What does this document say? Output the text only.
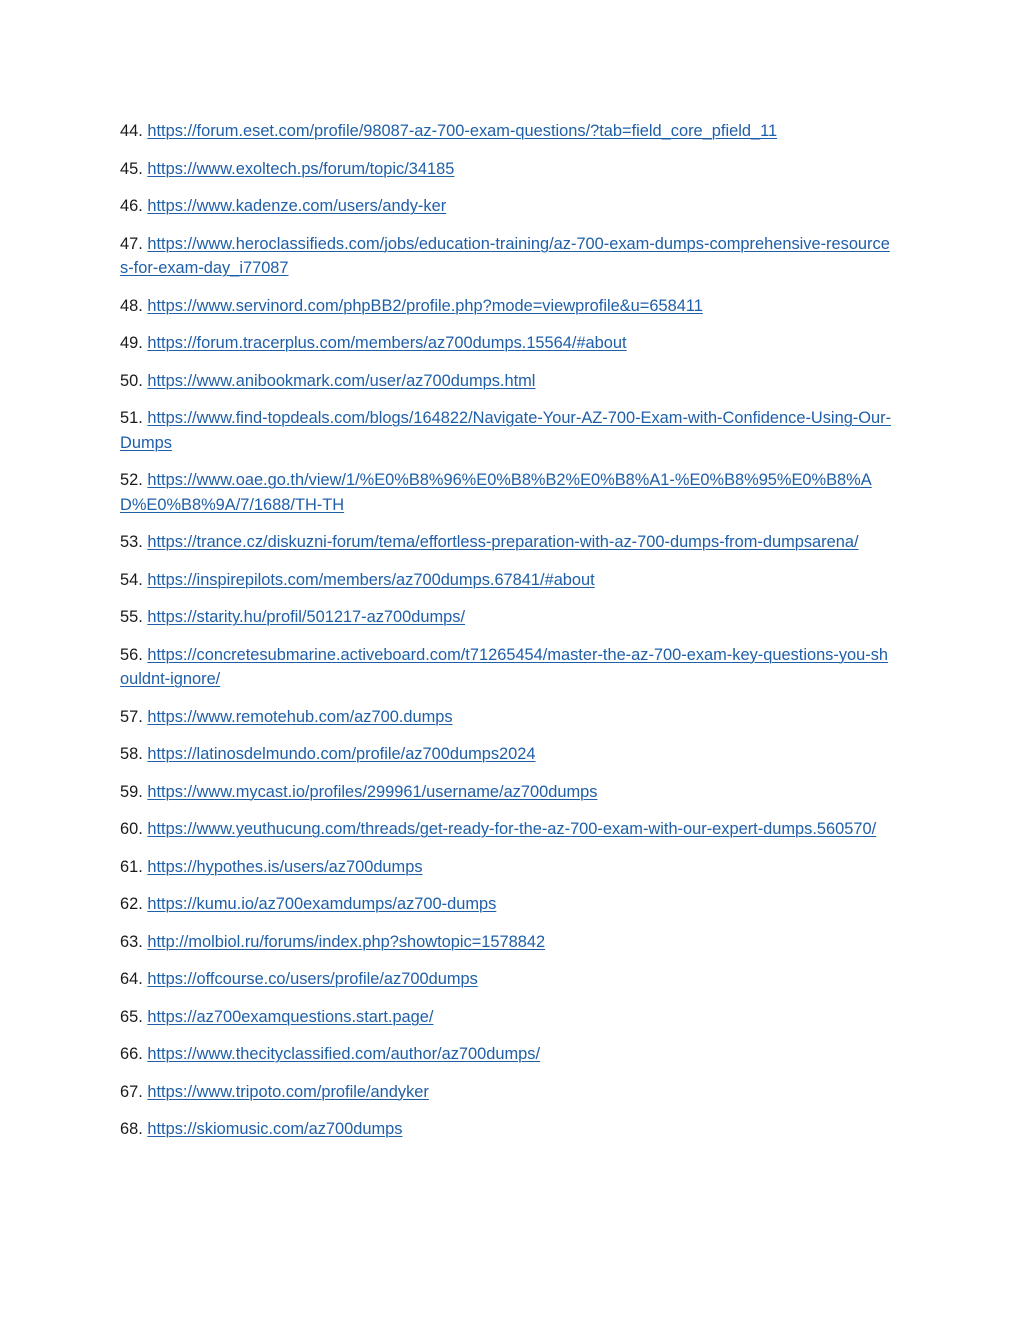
44. https://forum.eset.com/profile/98087-az-700-exam-questions/?tab=field_core_pfield_11
45. https://www.exoltech.ps/forum/topic/34185
46. https://www.kadenze.com/users/andy-ker
47. https://www.heroclassifieds.com/jobs/education-training/az-700-exam-dumps-comprehensive-resources-for-exam-day_i77087
48. https://www.servinord.com/phpBB2/profile.php?mode=viewprofile&u=658411
49. https://forum.tracerplus.com/members/az700dumps.15564/#about
50. https://www.anibookmark.com/user/az700dumps.html
51. https://www.find-topdeals.com/blogs/164822/Navigate-Your-AZ-700-Exam-with-Confidence-Using-Our-Dumps
52. https://www.oae.go.th/view/1/%E0%B8%96%E0%B8%B2%E0%B8%A1-%E0%B8%95%E0%B8%AD%E0%B8%9A/7/1688/TH-TH
53. https://trance.cz/diskuzni-forum/tema/effortless-preparation-with-az-700-dumps-from-dumpsarena/
54. https://inspirepilots.com/members/az700dumps.67841/#about
55. https://starity.hu/profil/501217-az700dumps/
56. https://concretesubmarine.activeboard.com/t71265454/master-the-az-700-exam-key-questions-you-shouldnt-ignore/
57. https://www.remotehub.com/az700.dumps
58. https://latinosdelmundo.com/profile/az700dumps2024
59. https://www.mycast.io/profiles/299961/username/az700dumps
60. https://www.yeuthucung.com/threads/get-ready-for-the-az-700-exam-with-our-expert-dumps.560570/
61. https://hypothes.is/users/az700dumps
62. https://kumu.io/az700examdumps/az700-dumps
63. http://molbiol.ru/forums/index.php?showtopic=1578842
64. https://offcourse.co/users/profile/az700dumps
65. https://az700examquestions.start.page/
66. https://www.thecityclassified.com/author/az700dumps/
67. https://www.tripoto.com/profile/andyker
68. https://skiomusic.com/az700dumps
